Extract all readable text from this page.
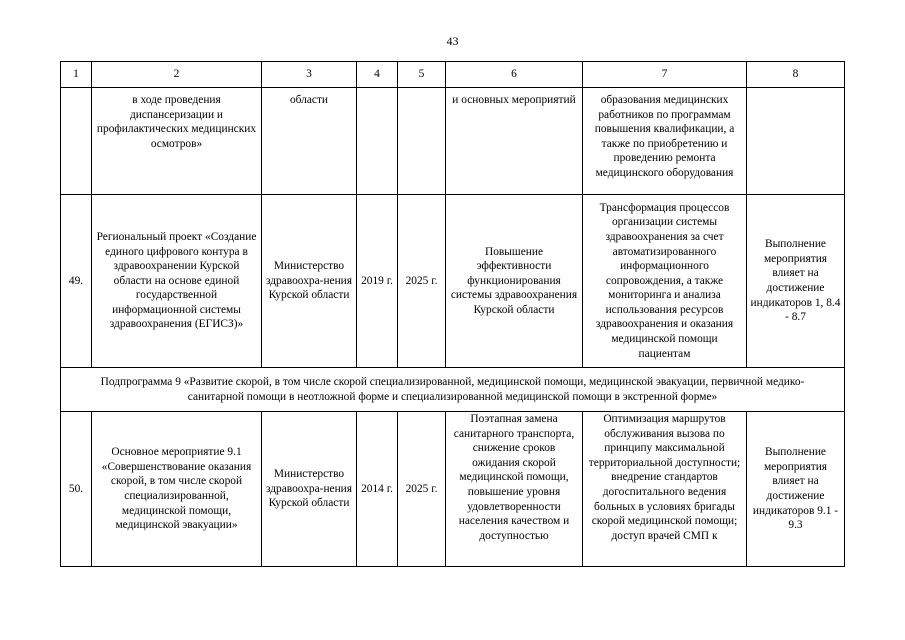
43
1	2	3	4	5	6	7	8
	в ходе проведения диспансеризации и профилактических медицинских осмотров»	области			и основных мероприятий	образования медицинских работников по программам повышения квалификации, а также по приобретению и проведению ремонта медицинского оборудования	
49.	Региональный проект «Создание единого цифрового контура в здравоохранении Курской области на основе единой государственной информационной системы здравоохранения (ЕГИСЗ)»	Министерство здравоохра-нения Курской области	2019 г.	2025 г.	Повышение эффективности функционирования системы здравоохранения Курской области	Трансформация процессов организации системы здравоохранения за счет автоматизированного информационного сопровождения, а также мониторинга и анализа использования ресурсов здравоохранения и оказания медицинской помощи пациентам	Выполнение мероприятия влияет на достижение индикаторов 1, 8.4 - 8.7

Подпрограмма 9 «Развитие скорой, в том числе скорой специализированной, медицинской помощи, медицинской эвакуации, первичной медико-
санитарной помощи в неотложной форме и специализированной медицинской помощи в экстренной форме»							

50.	Основное мероприятие 9.1 «Совершенствование оказания скорой, в том числе скорой специализированной, медицинской помощи, медицинской эвакуации»	Министерство здравоохра-нения Курской области	2014 г.	2025 г.	Поэтапная замена санитарного транспорта, снижение сроков ожидания скорой медицинской помощи, повышение уровня удовлетворенности населения качеством и доступностью	Оптимизация маршрутов обслуживания вызова по принципу максимальной территориальной доступности; внедрение стандартов догоспитального ведения больных в условиях бригады скорой медицинской помощи; доступ врачей СМП к	Выполнение мероприятия влияет на достижение индикаторов 9.1 - 9.3
